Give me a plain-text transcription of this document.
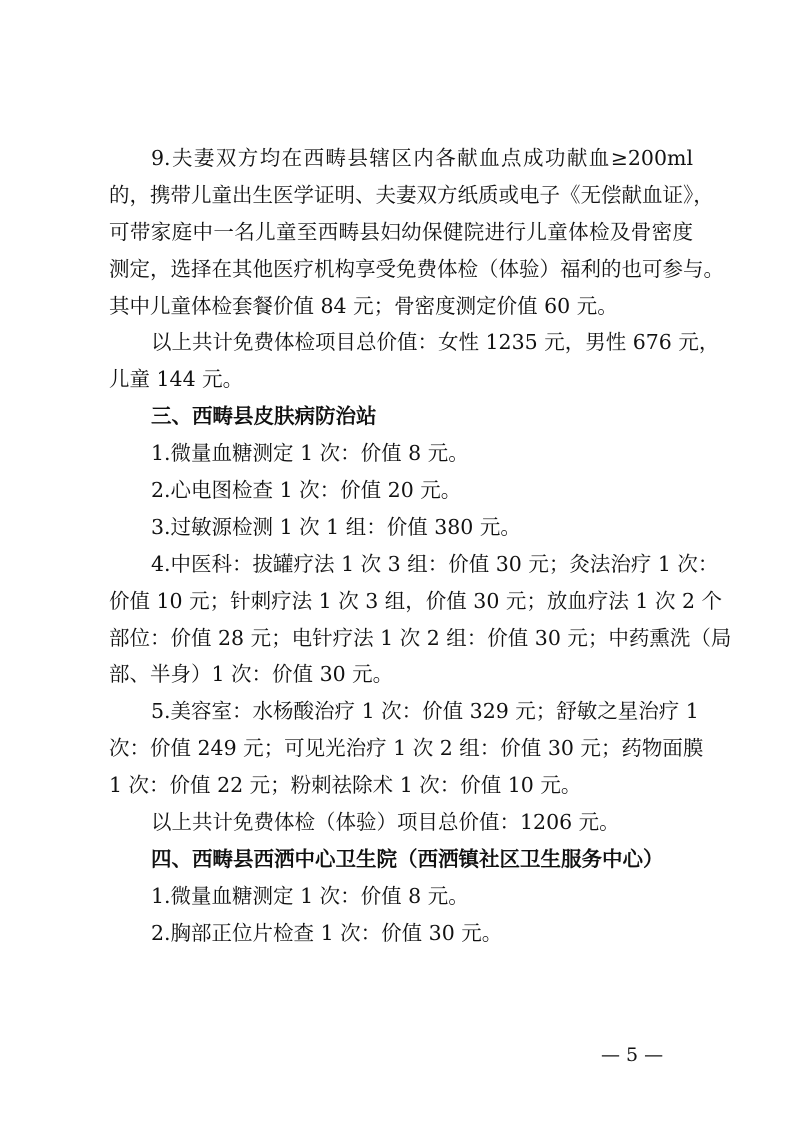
9.夫妻双方均在西畴县辖区内各献血点成功献血≥200ml
的，携带儿童出生医学证明、夫妻双方纸质或电子《无偿献血证》，
可带家庭中一名儿童至西畴县妇幼保健院进行儿童体检及骨密度
测定，选择在其他医疗机构享受免费体检（体验）福利的也可参与。
其中儿童体检套餐价值 84 元；骨密度测定价值 60 元。
以上共计免费体检项目总价值：女性 1235 元，男性 676 元，
儿童 144 元。
三、西畴县皮肤病防治站
1.微量血糖测定 1 次：价值 8 元。
2.心电图检查 1 次：价值 20 元。
3.过敏源检测 1 次 1 组：价值 380 元。
4.中医科：拔罐疗法 1 次 3 组：价值 30 元；灸法治疗 1 次：
价值 10 元；针刺疗法 1 次 3 组，价值 30 元；放血疗法 1 次 2 个
部位：价值 28 元；电针疗法 1 次 2 组：价值 30 元；中药熏洗（局
部、半身）1 次：价值 30 元。
5.美容室：水杨酸治疗 1 次：价值 329 元；舒敏之星治疗 1
次：价值 249 元；可见光治疗 1 次 2 组：价值 30 元；药物面膜
1 次：价值 22 元；粉刺祛除术 1 次：价值 10 元。
以上共计免费体检（体验）项目总价值：1206 元。
四、西畴县西洒中心卫生院（西洒镇社区卫生服务中心）
1.微量血糖测定 1 次：价值 8 元。
2.胸部正位片检查 1 次：价值 30 元。
— 5 —
